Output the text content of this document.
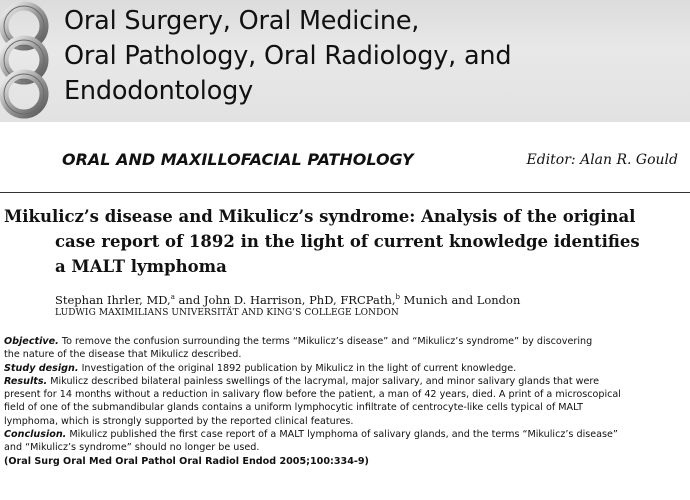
Oral Surgery, Oral Medicine,
Oral Pathology, Oral Radiology, and
Endodontology
ORAL AND MAXILLOFACIAL PATHOLOGY	Editor: Alan R. Gould
Mikulicz’s disease and Mikulicz’s syndrome: Analysis of the original
case report of 1892 in the light of current knowledge identifies
a MALT lymphoma
Stephan Ihrler, MD,$^a$ and John D. Harrison, PhD, FRCPath,$^b$ Munich and London
LUDWIG MAXIMILIANS UNIVERSITÄT AND KING’S COLLEGE LONDON
Objective. To remove the confusion surrounding the terms “Mikulicz’s disease” and “Mikulicz’s syndrome” by discovering
the nature of the disease that Mikulicz described.
Study design. Investigation of the original 1892 publication by Mikulicz in the light of current knowledge.
Results. Mikulicz described bilateral painless swellings of the lacrymal, major salivary, and minor salivary glands that were
present for 14 months without a reduction in salivary flow before the patient, a man of 42 years, died. A print of a microscopical
field of one of the submandibular glands contains a uniform lymphocytic infiltrate of centrocyte-like cells typical of MALT
lymphoma, which is strongly supported by the reported clinical features.
Conclusion. Mikulicz published the first case report of a MALT lymphoma of salivary glands, and the terms “Mikulicz’s disease”
and “Mikulicz’s syndrome” should no longer be used.
(Oral Surg Oral Med Oral Pathol Oral Radiol Endod 2005;100:334-9)
